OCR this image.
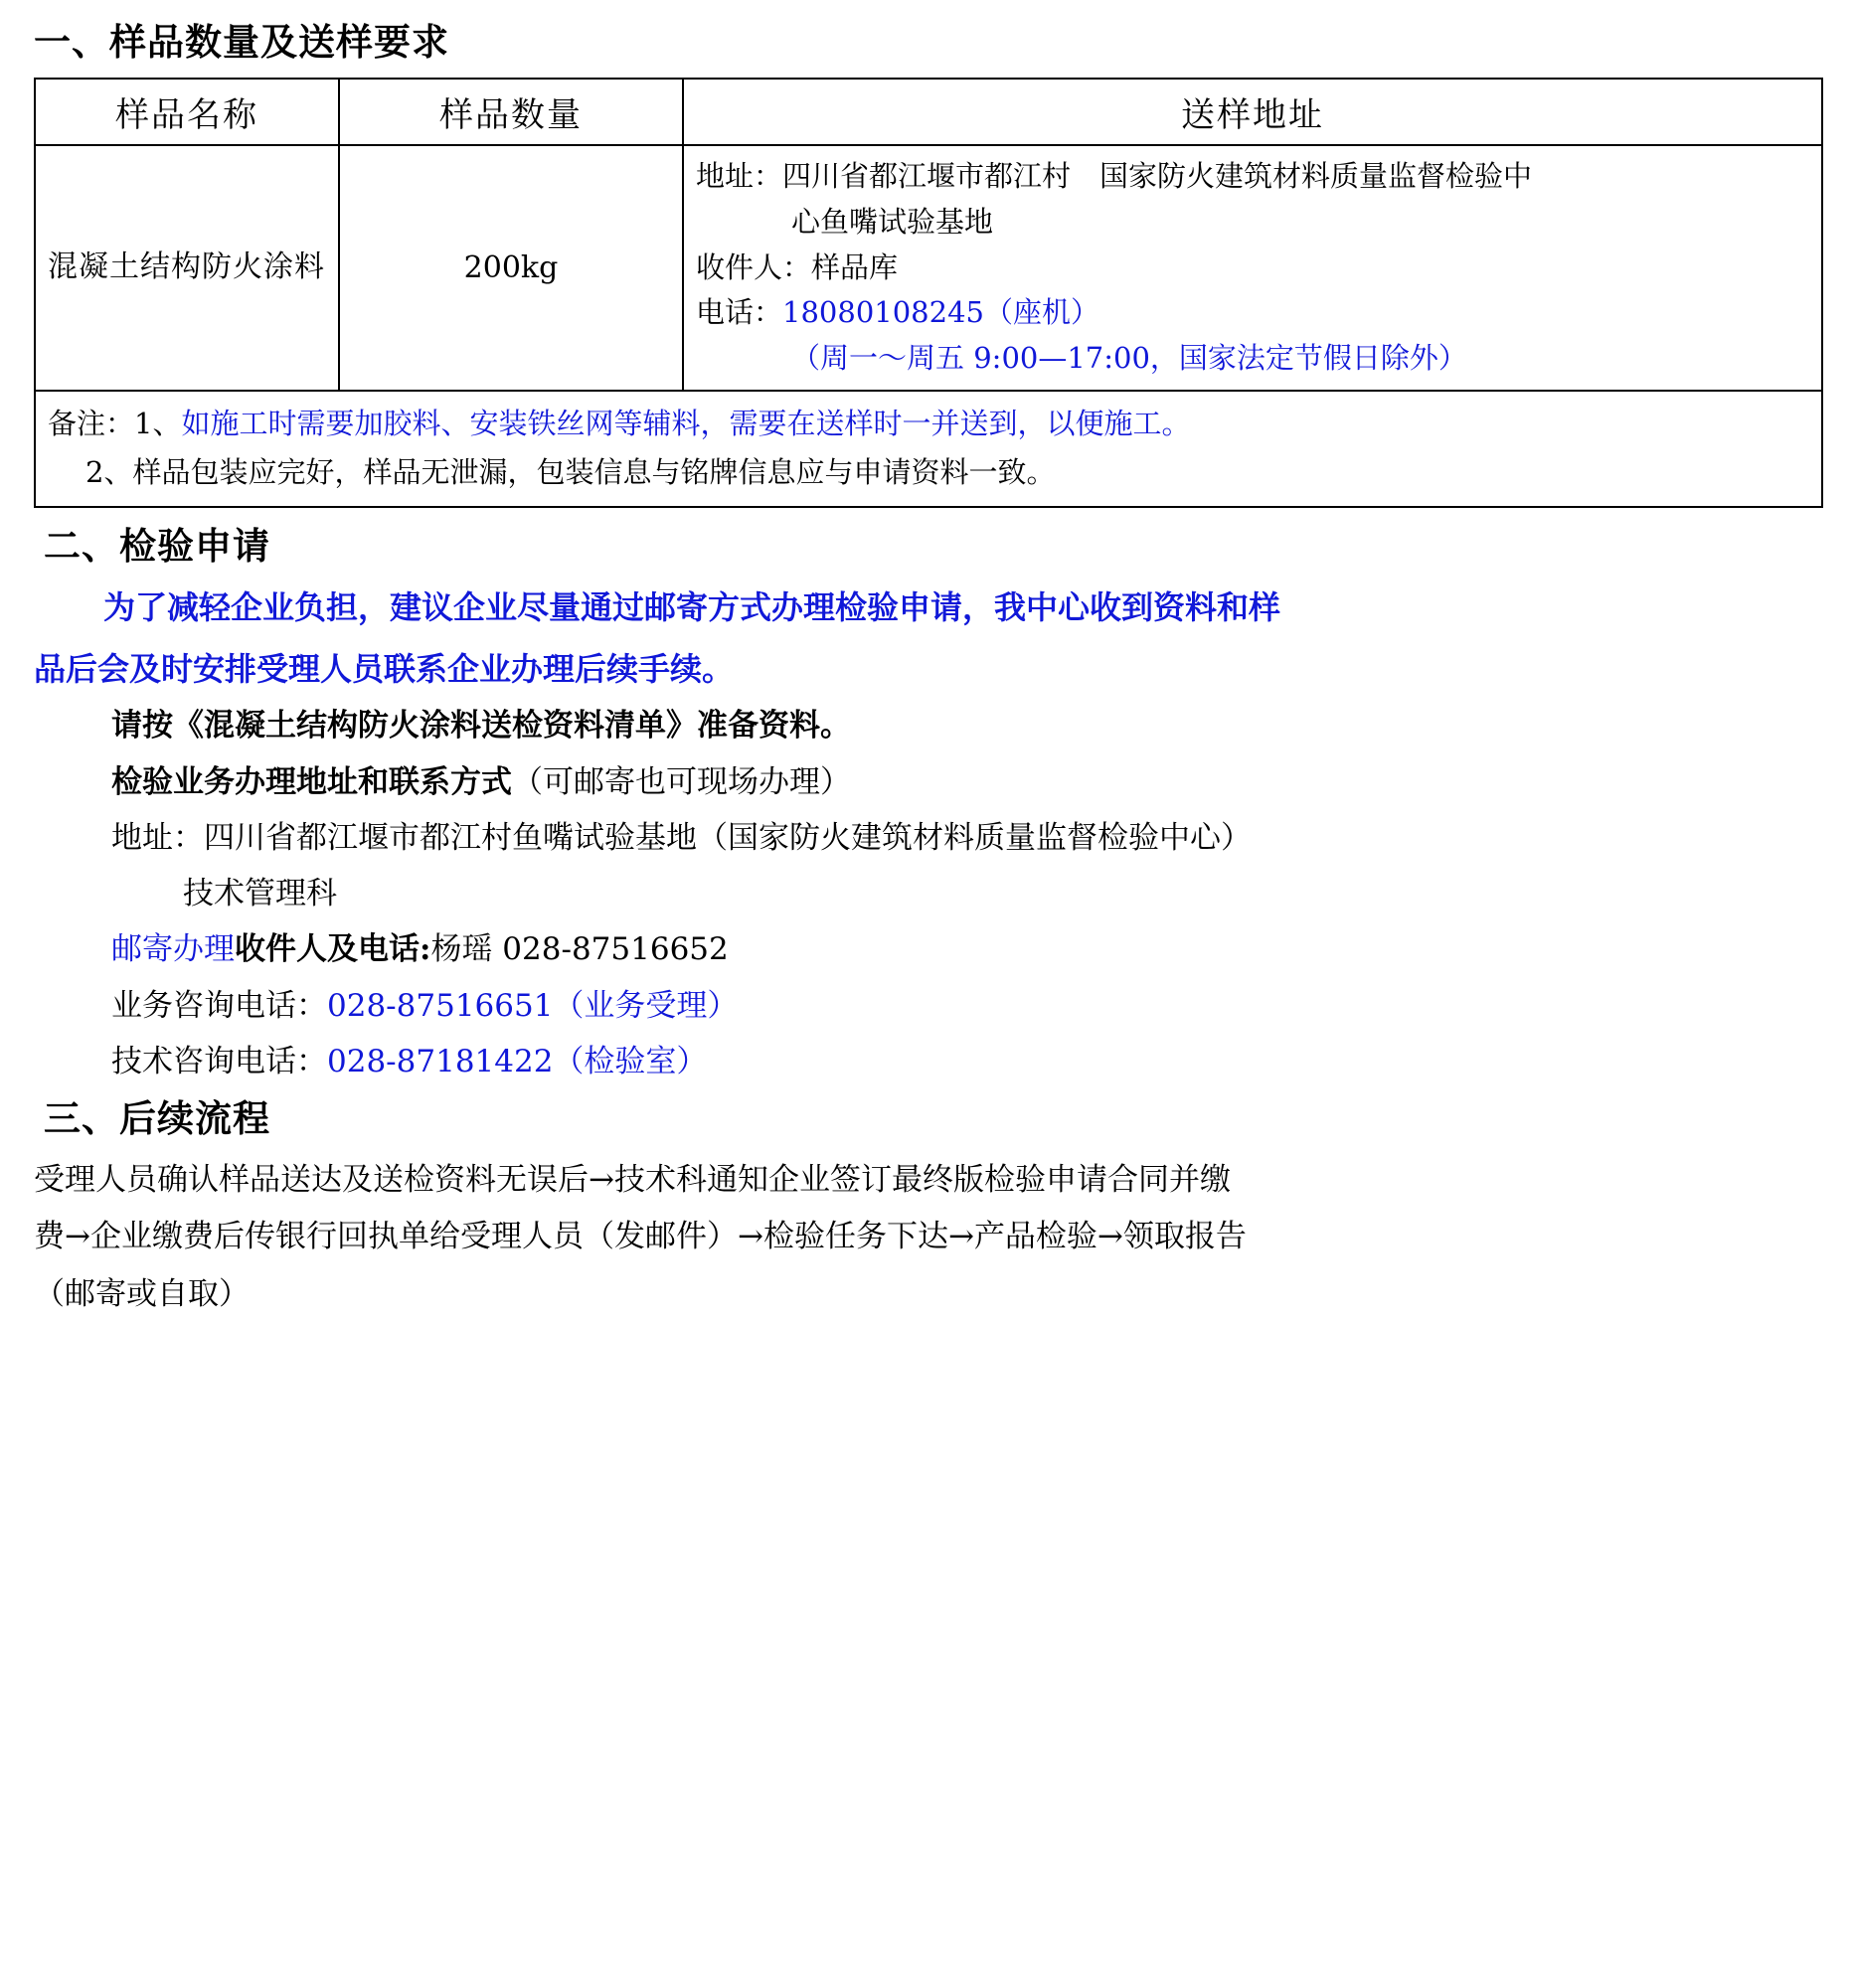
一、样品数量及送样要求
样品名称	样品数量	送样地址
混凝土结构防火涂料	200kg	地址：四川省都江堰市都江村　国家防火建筑材料质量监督检验中
心鱼嘴试验基地
收件人：样品库
电话：18080108245（座机）
（周一～周五 9:00—17:00，国家法定节假日除外）

备注：1、如施工时需要加胶料、安装铁丝网等辅料，需要在送样时一并送到，以便施工。
2、样品包装应完好，样品无泄漏，包装信息与铭牌信息应与申请资料一致。		
二、检验申请
为了减轻企业负担，建议企业尽量通过邮寄方式办理检验申请，我中心收到资料和样
品后会及时安排受理人员联系企业办理后续手续。
请按《混凝土结构防火涂料送检资料清单》准备资料。
检验业务办理地址和联系方式（可邮寄也可现场办理）
地址：四川省都江堰市都江村鱼嘴试验基地（国家防火建筑材料质量监督检验中心）
技术管理科
邮寄办理收件人及电话:杨瑶 028-87516652
业务咨询电话：028-87516651（业务受理）
技术咨询电话：028-87181422（检验室）
三、后续流程
受理人员确认样品送达及送检资料无误后→技术科通知企业签订最终版检验申请合同并缴
费→企业缴费后传银行回执单给受理人员（发邮件）→检验任务下达→产品检验→领取报告
（邮寄或自取）
